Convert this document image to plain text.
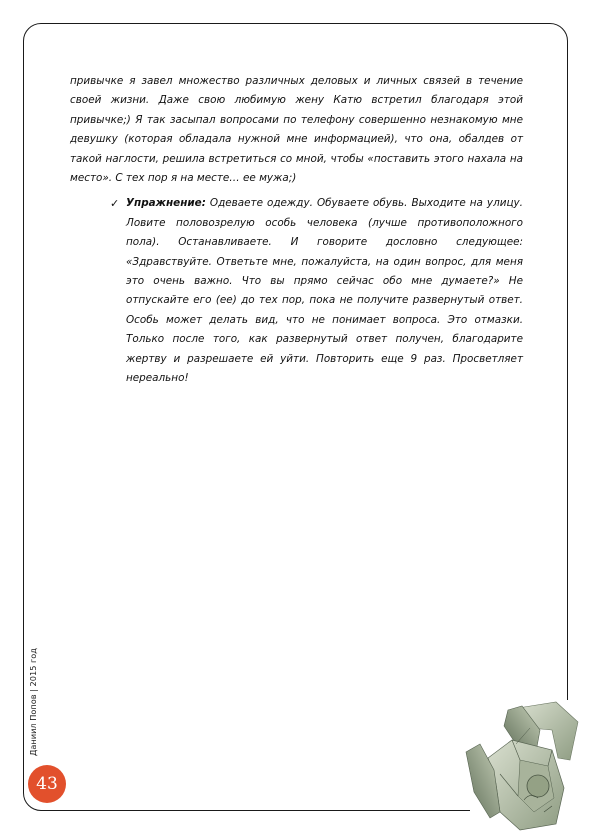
привычке я завел множество различных деловых и личных связей в течение своей жизни. Даже свою любимую жену Катю встретил благодаря этой привычке;) Я так засыпал вопросами по телефону совершенно незнакомую мне девушку (которая обладала нужной мне информацией), что она, обалдев от такой наглости, решила встретиться со мной, чтобы «поставить этого нахала на место». С тех пор я на месте… ее мужа;)

✓ Упражнение: Одеваете одежду. Обуваете обувь. Выходите на улицу. Ловите половозрелую особь человека (лучше противоположного пола). Останавливаете. И говорите дословно следующее: «Здравствуйте. Ответьте мне, пожалуйста, на один вопрос, для меня это очень важно. Что вы прямо сейчас обо мне думаете?» Не отпускайте его (ее) до тех пор, пока не получите развернутый ответ. Особь может делать вид, что не понимает вопроса. Это отмазки. Только после того, как развернутый ответ получен, благодарите жертву и разрешаете ей уйти. Повторить еще 9 раз. Просветляет нереально!
Даниил Попов | 2015 год
43
